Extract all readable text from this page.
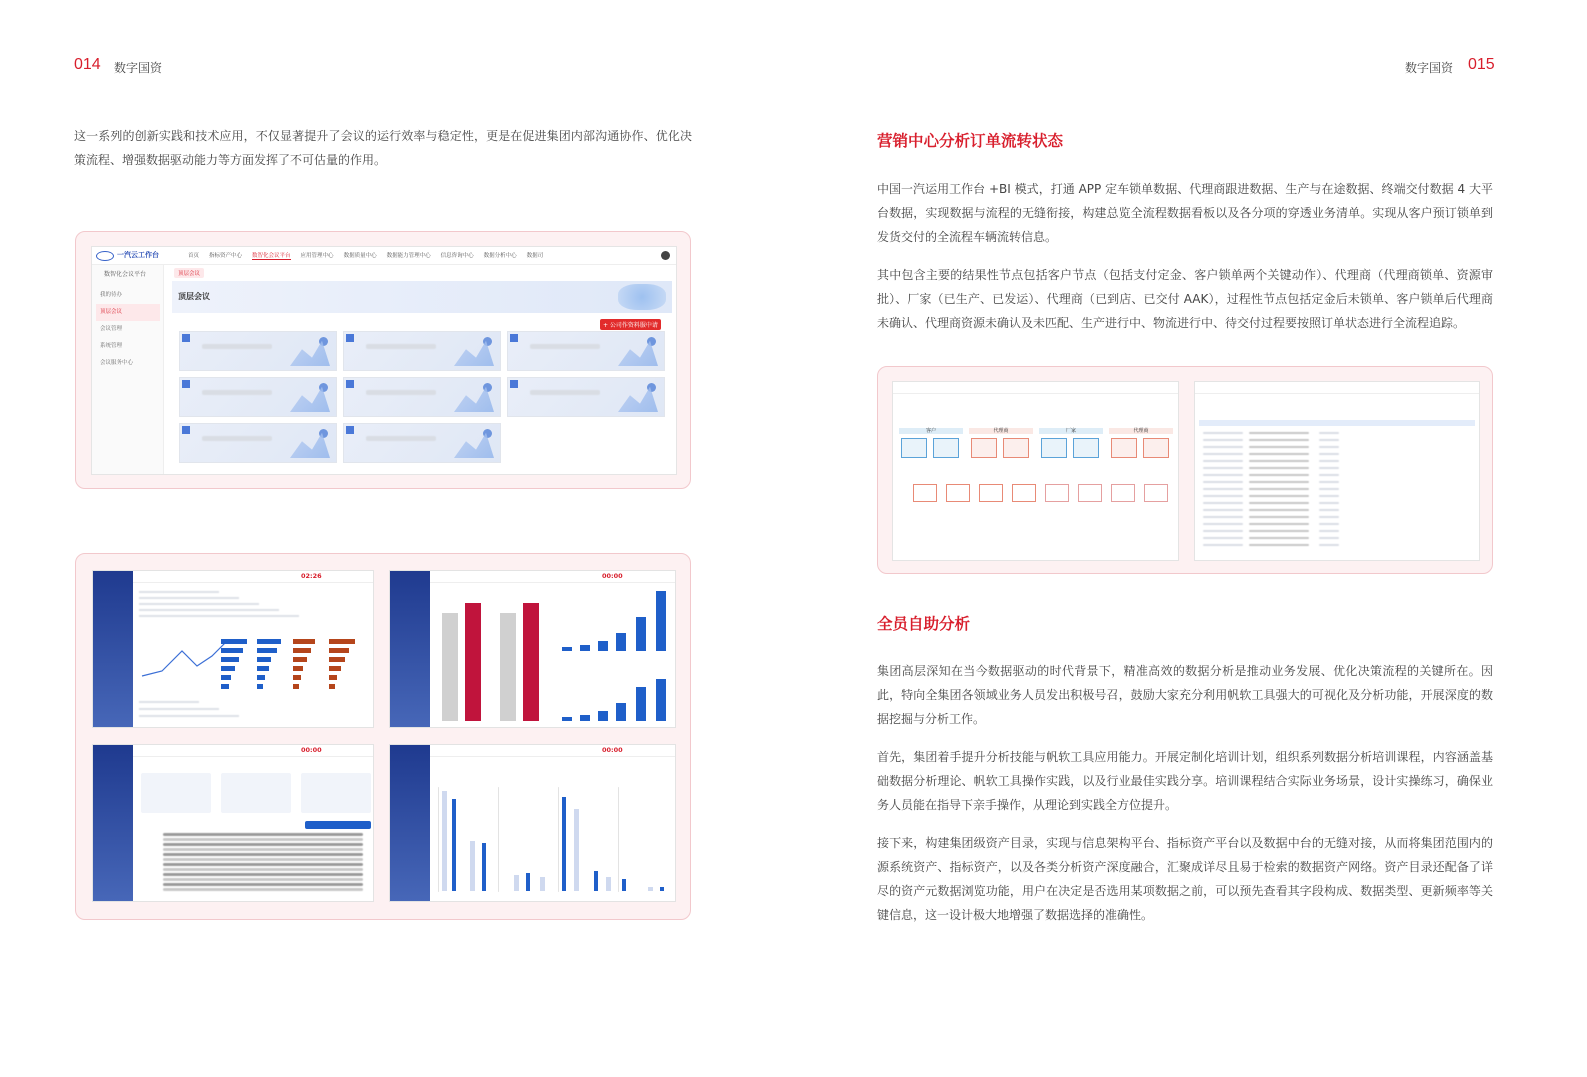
014 数字国资	数字国资 015

这一系列的创新实践和技术应用，不仅显著提升了会议的运行效率与稳定性，更是在促进集团内部沟通协作、优化决策流程、增强数据驱动能力等方面发挥了不可估量的作用。

一汽云工作台	首页 指标资产中心 数智化会议平台 应用管理中心 数据质量中心 数据能力管理中心 信息咨询中心 数据分析中心 数据司
数智化会议平台
我的待办
顶层会议
会议管理
系统管理
会议服务中心
顶层会议
顶层会议
+ 公司作资料服中请
02:26	00:00
00:00	00:00
营销中心分析订单流转状态

中国一汽运用工作台 +BI 模式，打通 APP 定车锁单数据、代理商跟进数据、生产与在途数据、终端交付数据 4 大平台数据，实现数据与流程的无缝衔接，构建总览全流程数据看板以及各分项的穿透业务清单。实现从客户预订锁单到发货交付的全流程车辆流转信息。

其中包含主要的结果性节点包括客户节点（包括支付定金、客户锁单两个关键动作）、代理商（代理商锁单、资源审批）、厂家（已生产、已发运）、代理商（已到店、已交付 AAK），过程性节点包括定金后未锁单、客户锁单后代理商未确认、代理商资源未确认及未匹配、生产进行中、物流进行中、待交付过程要按照订单状态进行全流程追踪。

客户	代理商	厂家	代理商
全员自助分析

集团高层深知在当今数据驱动的时代背景下，精准高效的数据分析是推动业务发展、优化决策流程的关键所在。因此，特向全集团各领域业务人员发出积极号召，鼓励大家充分利用帆软工具强大的可视化及分析功能，开展深度的数据挖掘与分析工作。

首先，集团着手提升分析技能与帆软工具应用能力。开展定制化培训计划，组织系列数据分析培训课程，内容涵盖基础数据分析理论、帆软工具操作实践，以及行业最佳实践分享。培训课程结合实际业务场景，设计实操练习，确保业务人员能在指导下亲手操作，从理论到实践全方位提升。

接下来，构建集团级资产目录，实现与信息架构平台、指标资产平台以及数据中台的无缝对接，从而将集团范围内的源系统资产、指标资产，以及各类分析资产深度融合，汇聚成详尽且易于检索的数据资产网络。资产目录还配备了详尽的资产元数据浏览功能，用户在决定是否选用某项数据之前，可以预先查看其字段构成、数据类型、更新频率等关键信息，这一设计极大地增强了数据选择的准确性。
